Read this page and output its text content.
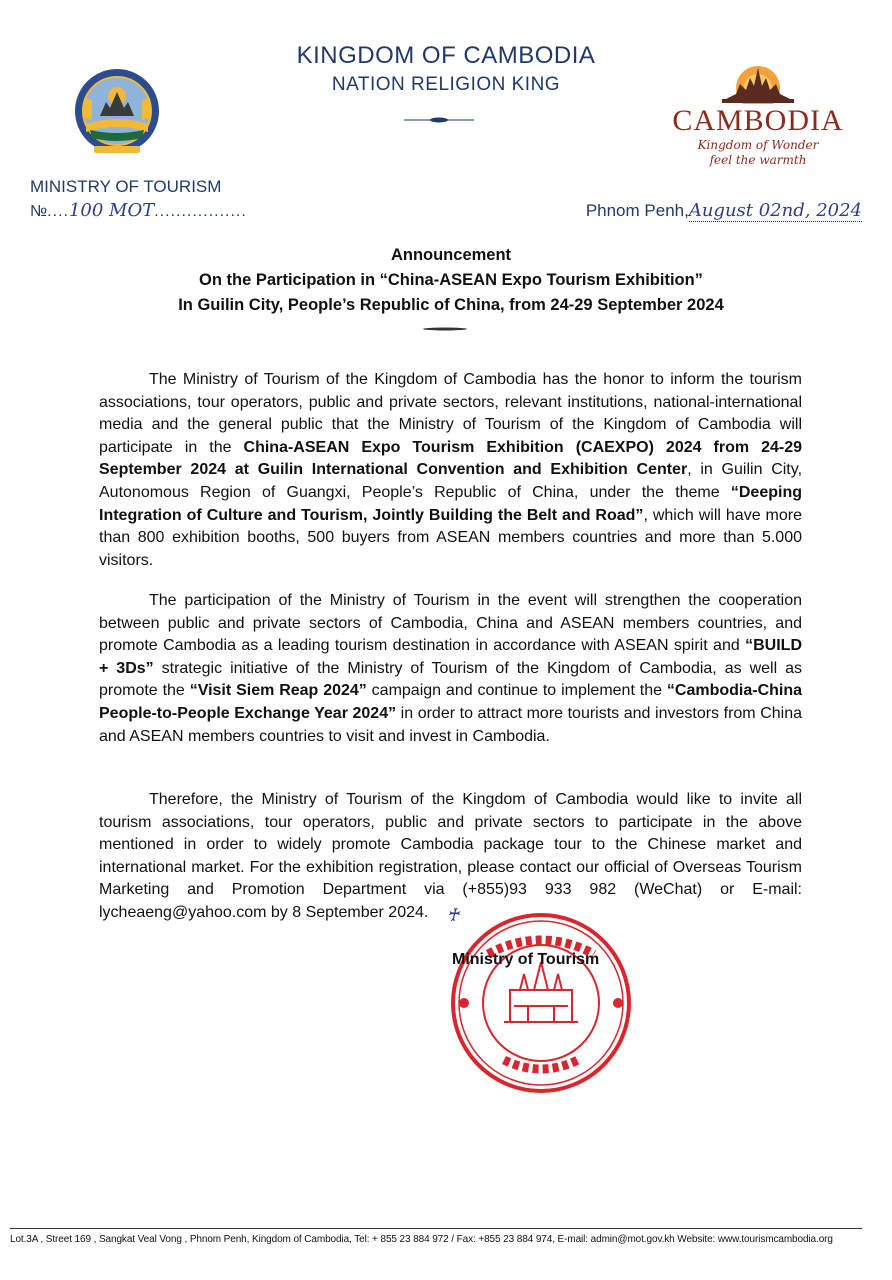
KINGDOM OF CAMBODIA
NATION RELIGION KING
CAMBODIA
Kingdom of Wonder
feel the warmth
MINISTRY OF TOURISM
№....100 MOT.................	Phnom Penh,August 02nd, 2024
Announcement
On the Participation in “China-ASEAN Expo Tourism Exhibition”
In Guilin City, People’s Republic of China, from 24-29 September 2024

The Ministry of Tourism of the Kingdom of Cambodia has the honor to inform the tourism associations, tour operators, public and private sectors, relevant institutions, national-international media and the general public that the Ministry of Tourism of the Kingdom of Cambodia will participate in the China-ASEAN Expo Tourism Exhibition (CAEXPO) 2024 from 24-29 September 2024 at Guilin International Convention and Exhibition Center, in Guilin City, Autonomous Region of Guangxi, People’s Republic of China, under the theme “Deeping Integration of Culture and Tourism, Jointly Building the Belt and Road”, which will have more than 800 exhibition booths, 500 buyers from ASEAN members countries and more than 5.000 visitors.

The participation of the Ministry of Tourism in the event will strengthen the cooperation between public and private sectors of Cambodia, China and ASEAN members countries, and promote Cambodia as a leading tourism destination in accordance with ASEAN spirit and “BUILD + 3Ds” strategic initiative of the Ministry of Tourism of the Kingdom of Cambodia, as well as promote the “Visit Siem Reap 2024” campaign and continue to implement the “Cambodia-China People-to-People Exchange Year 2024” in order to attract more tourists and investors from China and ASEAN members countries to visit and invest in Cambodia.

Therefore, the Ministry of Tourism of the Kingdom of Cambodia would like to invite all tourism associations, tour operators, public and private sectors to participate in the above mentioned in order to widely promote Cambodia package tour to the Chinese market and international market. For the exhibition registration, please contact our official of Overseas Tourism Marketing and Promotion Department via (+855)93 933 982 (WeChat) or E-mail: lycheaeng@yahoo.com by 8 September 2024.

Ministry of Tourism
♰
Lot.3A , Street 169 , Sangkat Veal Vong , Phnom Penh, Kingdom of Cambodia, Tel: + 855 23 884 972 / Fax: +855 23 884 974, E-mail: admin@mot.gov.kh Website: www.tourismcambodia.org
